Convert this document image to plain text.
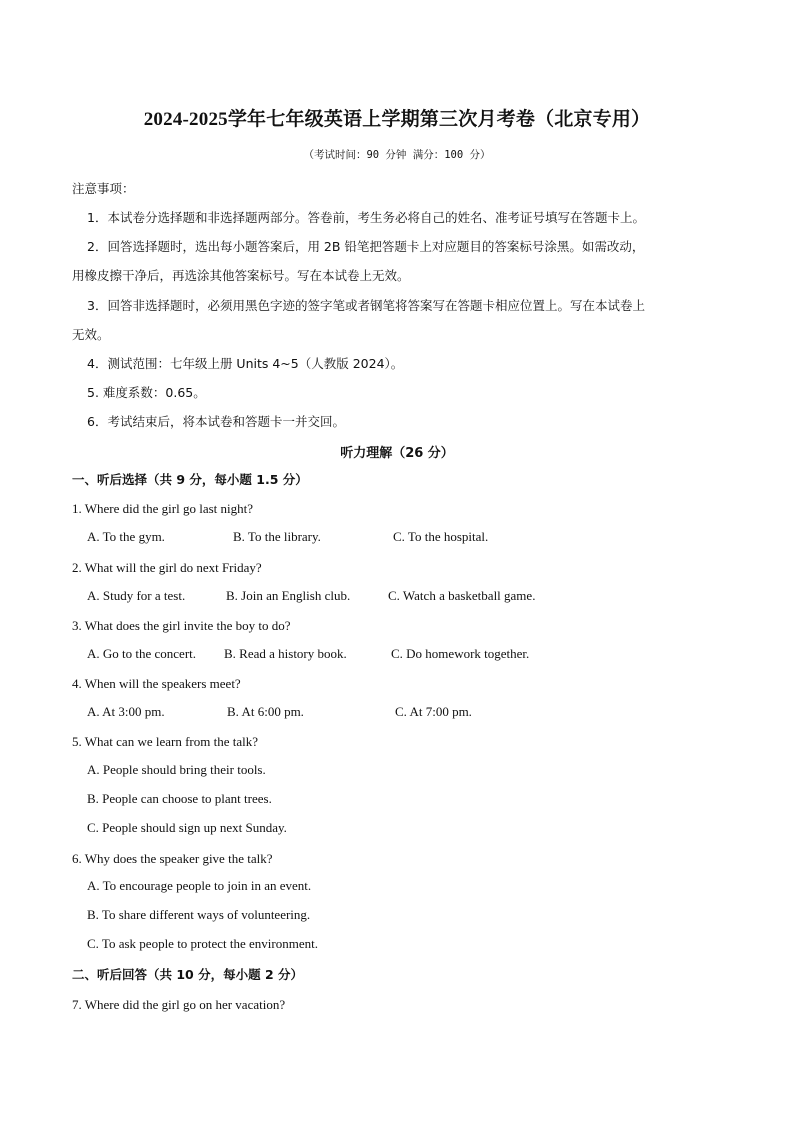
2024-2025学年七年级英语上学期第三次月考卷（北京专用）
（考试时间：90 分钟 满分：100 分）
注意事项：
1．本试卷分选择题和非选择题两部分。答卷前，考生务必将自己的姓名、准考证号填写在答题卡上。
2．回答选择题时，选出每小题答案后，用 2B 铅笔把答题卡上对应题目的答案标号涂黑。如需改动，
用橡皮擦干净后，再选涂其他答案标号。写在本试卷上无效。
3．回答非选择题时，必须用黑色字迹的签字笔或者钢笔将答案写在答题卡相应位置上。写在本试卷上
无效。
4．测试范围：七年级上册 Units 4~5（人教版 2024）。
5. 难度系数：0.65。
6．考试结束后，将本试卷和答题卡一并交回。
听力理解（26 分）
一、听后选择（共 9 分，每小题 1.5 分）
1. Where did the girl go last night?
A. To the gym.	B. To the library.	C. To the hospital.
2. What will the girl do next Friday?
A. Study for a test.	B. Join an English club.	C. Watch a basketball game.
3. What does the girl invite the boy to do?
A. Go to the concert. B. Read a history book.	C. Do homework together.
4. When will the speakers meet?
A. At 3:00 pm.	B. At 6:00 pm.	C. At 7:00 pm.
5. What can we learn from the talk?
A. People should bring their tools.
B. People can choose to plant trees.
C. People should sign up next Sunday.
6. Why does the speaker give the talk?
A. To encourage people to join in an event.
B. To share different ways of volunteering.
C. To ask people to protect the environment.
二、听后回答（共 10 分，每小题 2 分）
7. Where did the girl go on her vacation?
